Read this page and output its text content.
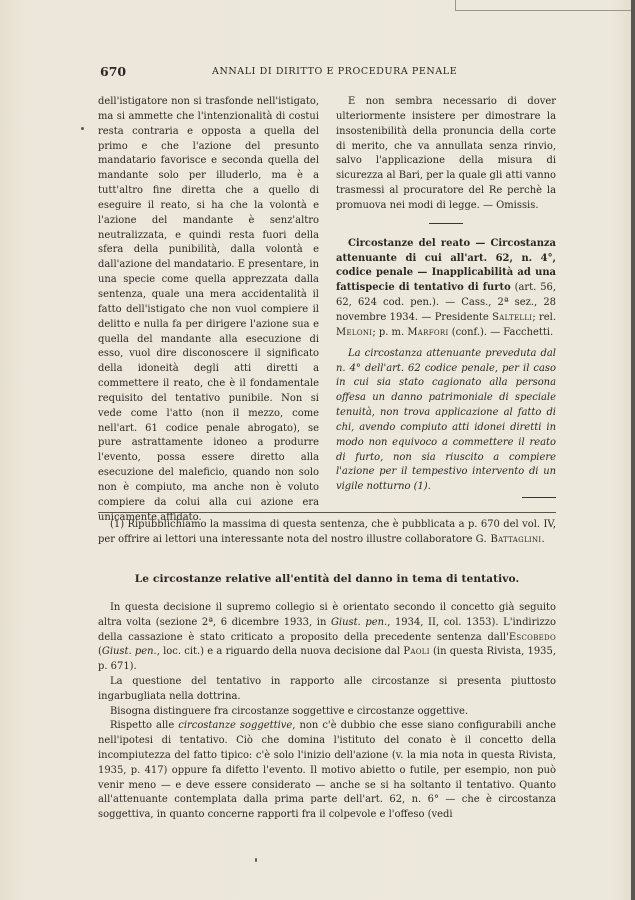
670	ANNALI DI DIRITTO E PROCEDURA PENALE

dell'istigatore non si trasfonde nell'istigato, ma si ammette che l'intenzionalità di costui resta contraria e opposta a quella del primo e che l'azione del presunto mandatario favorisce e seconda quella del mandante solo per illuderlo, ma è a tutt'altro fine diretta che a quello di eseguire il reato, si ha che la volontà e l'azione del mandante è senz'altro neutralizzata, e quindi resta fuori della sfera della punibilità, dalla volontà e dall'azione del mandatario. E presentare, in una specie come quella apprezzata dalla sentenza, quale una mera accidentalità il fatto dell'istigato che non vuol compiere il delitto e nulla fa per dirigere l'azione sua e quella del mandante alla esecuzione di esso, vuol dire disconoscere il significato della idoneità degli atti diretti a commettere il reato, che è il fondamentale requisito del tentativo punibile. Non si vede come l'atto (non il mezzo, come nell'art. 61 codice penale abrogato), se pure astrattamente idoneo a produrre l'evento, possa essere diretto alla esecuzione del maleficio, quando non solo non è compiuto, ma anche non è voluto compiere da colui alla cui azione era unicamente affidato.

E non sembra necessario di dover ulteriormente insistere per dimostrare la insostenibilità della pronuncia della corte di merito, che va annullata senza rinvio, salvo l'applicazione della misura di sicurezza al Bari, per la quale gli atti vanno trasmessi al procuratore del Re perchè la promuova nei modi di legge. — Omissis.

Circostanze del reato — Circostanza attenuante di cui all'art. 62, n. 4°, codice penale — Inapplicabilità ad una fattispecie di tentativo di furto (art. 56, 62, 624 cod. pen.). — Cass., 2ª sez., 28 novembre 1934. — Presidente Saltelli; rel. Meloni; p. m. Marfori (conf.). — Facchetti.

La circostanza attenuante preveduta dal n. 4° dell'art. 62 codice penale, per il caso in cui sia stato cagionato alla persona offesa un danno patrimoniale di speciale tenuità, non trova applicazione al fatto di chi, avendo compiuto atti idonei diretti in modo non equivoco a commettere il reato di furto, non sia riuscito a compiere l'azione per il tempestivo intervento di un vigile notturno (1).

(1) Ripubblichiamo la massima di questa sentenza, che è pubblicata a p. 670 del vol. IV, per offrire ai lettori una interessante nota del nostro illustre collaboratore G. Battaglini.

Le circostanze relative all'entità del danno in tema di tentativo.

In questa decisione il supremo collegio si è orientato secondo il concetto già seguito altra volta (sezione 2ª, 6 dicembre 1933, in Giust. pen., 1934, II, col. 1353). L'indirizzo della cassazione è stato criticato a proposito della precedente sentenza dall'Escobedo (Giust. pen., loc. cit.) e a riguardo della nuova decisione dal Paoli (in questa Rivista, 1935, p. 671).

La questione del tentativo in rapporto alle circostanze si presenta piuttosto ingarbugliata nella dottrina.

Bisogna distinguere fra circostanze soggettive e circostanze oggettive.

Rispetto alle circostanze soggettive, non c'è dubbio che esse siano configurabili anche nell'ipotesi di tentativo. Ciò che domina l'istituto del conato è il concetto della incompiutezza del fatto tipico: c'è solo l'inizio dell'azione (v. la mia nota in questa Rivista, 1935, p. 417) oppure fa difetto l'evento. Il motivo abietto o futile, per esempio, non può venir meno — e deve essere considerato — anche se si ha soltanto il tentativo. Quanto all'attenuante contemplata dalla prima parte dell'art. 62, n. 6° — che è circostanza soggettiva, in quanto concerne rapporti fra il colpevole e l'offeso (vedi
